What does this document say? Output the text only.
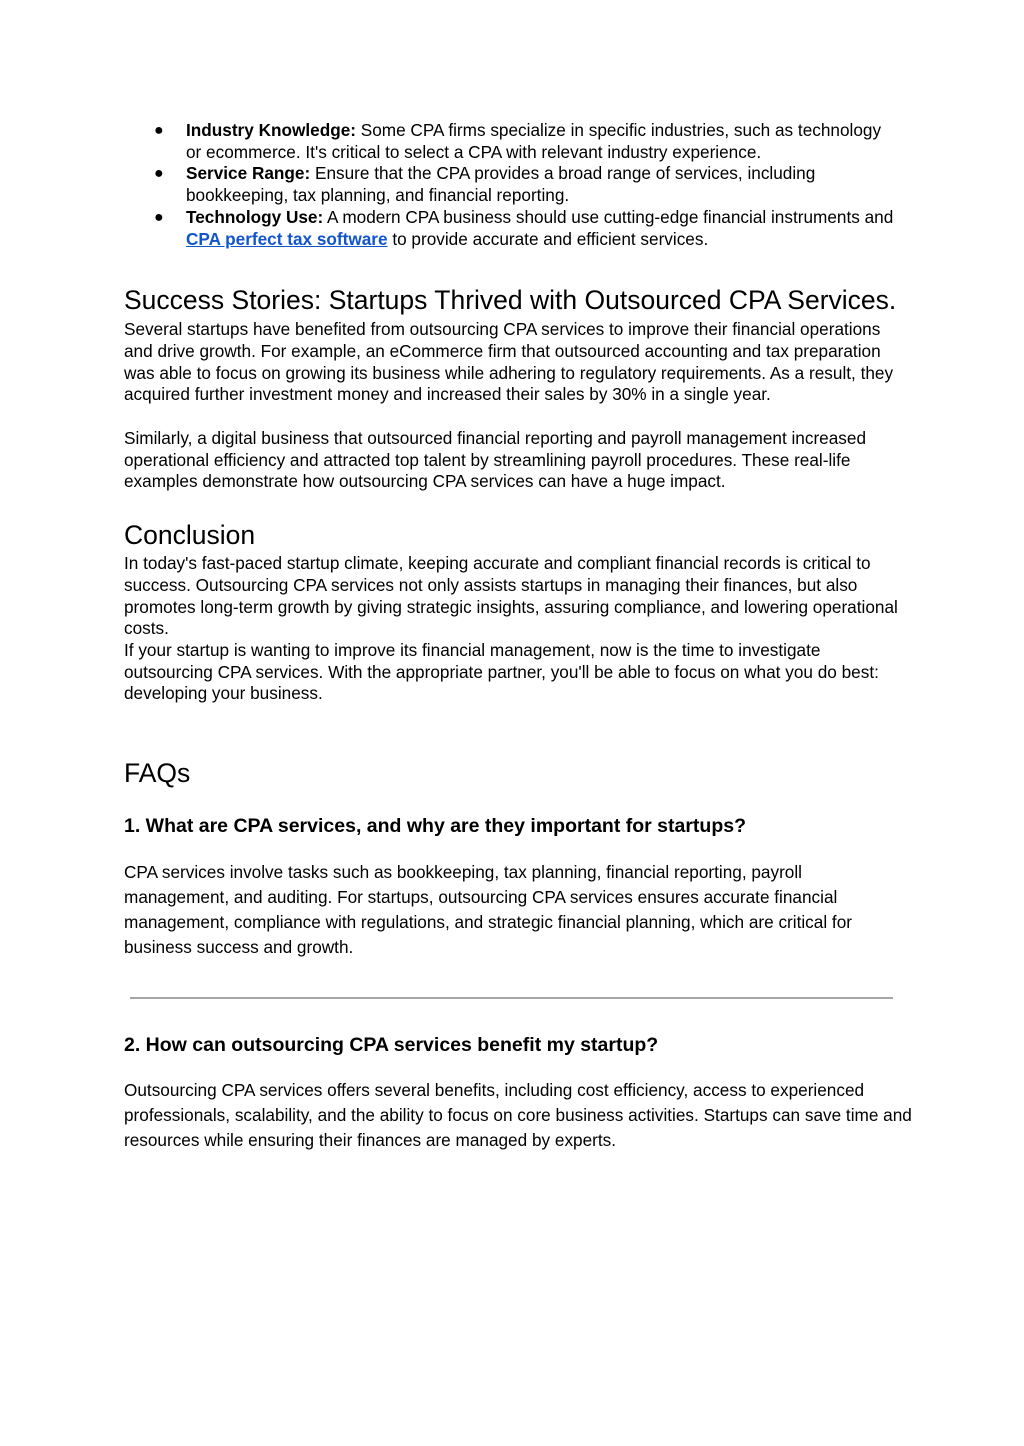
● Industry Knowledge: Some CPA firms specialize in specific industries, such as technology or ecommerce. It's critical to select a CPA with relevant industry experience.
● Service Range: Ensure that the CPA provides a broad range of services, including bookkeeping, tax planning, and financial reporting.
● Technology Use: A modern CPA business should use cutting-edge financial instruments and CPA perfect tax software to provide accurate and efficient services.
Success Stories: Startups Thrived with Outsourced CPA Services.

Several startups have benefited from outsourcing CPA services to improve their financial operations and drive growth. For example, an eCommerce firm that outsourced accounting and tax preparation was able to focus on growing its business while adhering to regulatory requirements. As a result, they acquired further investment money and increased their sales by 30% in a single year.

Similarly, a digital business that outsourced financial reporting and payroll management increased operational efficiency and attracted top talent by streamlining payroll procedures. These real-life examples demonstrate how outsourcing CPA services can have a huge impact.

Conclusion

In today's fast-paced startup climate, keeping accurate and compliant financial records is critical to success. Outsourcing CPA services not only assists startups in managing their finances, but also promotes long-term growth by giving strategic insights, assuring compliance, and lowering operational costs.

If your startup is wanting to improve its financial management, now is the time to investigate outsourcing CPA services. With the appropriate partner, you'll be able to focus on what you do best: developing your business.

FAQs
1. What are CPA services, and why are they important for startups?

CPA services involve tasks such as bookkeeping, tax planning, financial reporting, payroll management, and auditing. For startups, outsourcing CPA services ensures accurate financial management, compliance with regulations, and strategic financial planning, which are critical for business success and growth.

2. How can outsourcing CPA services benefit my startup?

Outsourcing CPA services offers several benefits, including cost efficiency, access to experienced professionals, scalability, and the ability to focus on core business activities. Startups can save time and resources while ensuring their finances are managed by experts.
